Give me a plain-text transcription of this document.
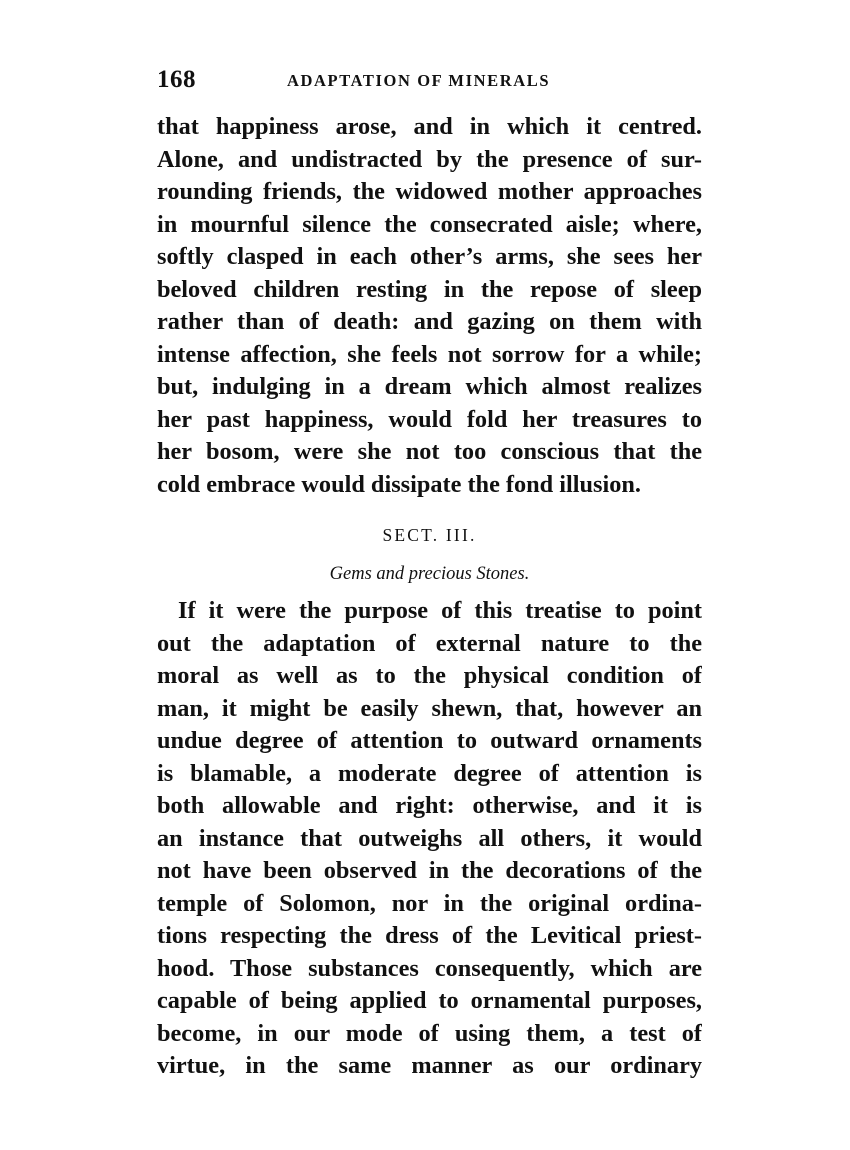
168	ADAPTATION OF MINERALS
that happiness arose, and in which it centred.
Alone, and undistracted by the presence of sur-
rounding friends, the widowed mother approaches
in mournful silence the consecrated aisle; where,
softly clasped in each other’s arms, she sees her
beloved children resting in the repose of sleep
rather than of death: and gazing on them with
intense affection, she feels not sorrow for a while;
but, indulging in a dream which almost realizes
her past happiness, would fold her treasures to
her bosom, were she not too conscious that the
cold embrace would dissipate the fond illusion.
SECT. III.
Gems and precious Stones.
If it were the purpose of this treatise to point
out the adaptation of external nature to the
moral as well as to the physical condition of
man, it might be easily shewn, that, however an
undue degree of attention to outward ornaments
is blamable, a moderate degree of attention is
both allowable and right: otherwise, and it is
an instance that outweighs all others, it would
not have been observed in the decorations of the
temple of Solomon, nor in the original ordina-
tions respecting the dress of the Levitical priest-
hood. Those substances consequently, which are
capable of being applied to ornamental purposes,
become, in our mode of using them, a test of
virtue, in the same manner as our ordinary
